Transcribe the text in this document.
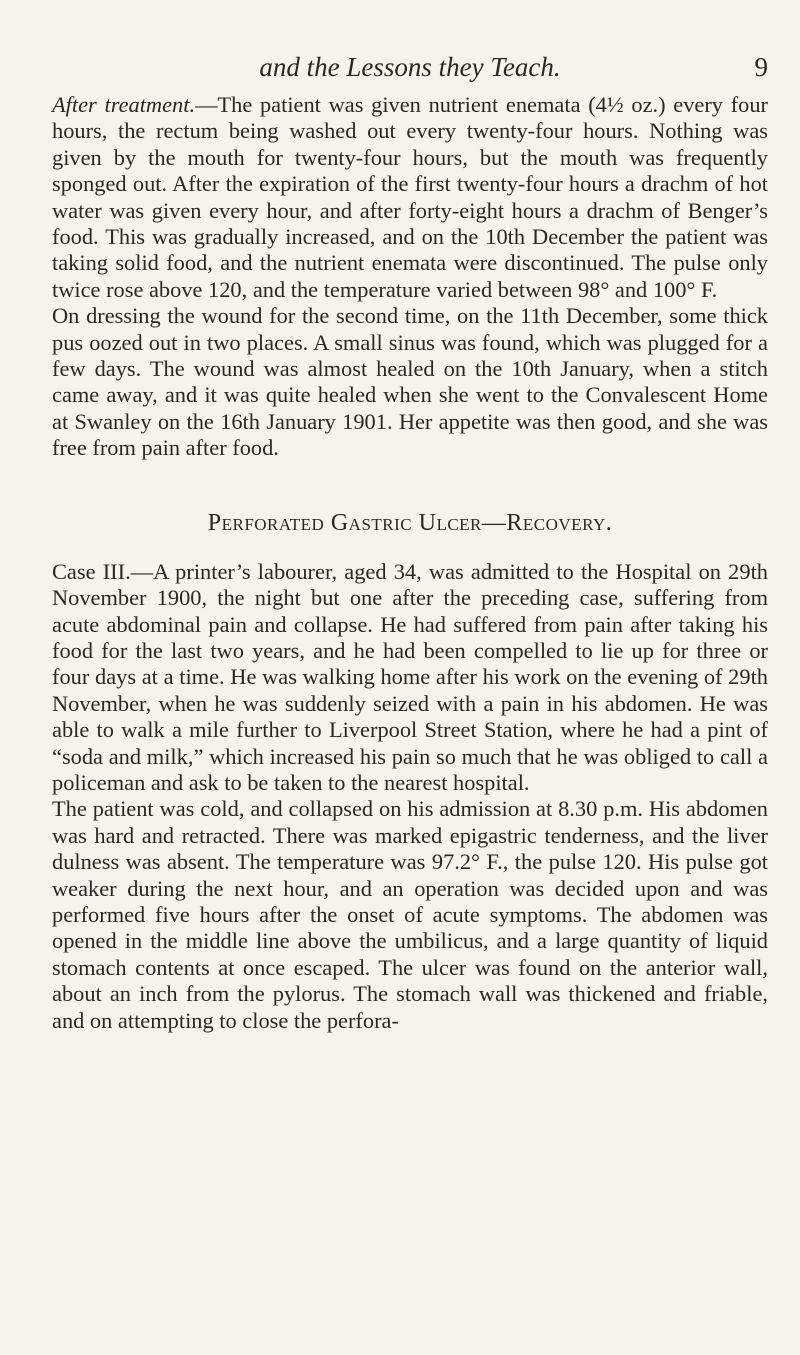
and the Lessons they Teach.	9

After treatment.—The patient was given nutrient enemata (4½ oz.) every four hours, the rectum being washed out every twenty-four hours. Nothing was given by the mouth for twenty-four hours, but the mouth was frequently sponged out. After the expiration of the first twenty-four hours a drachm of hot water was given every hour, and after forty-eight hours a drachm of Benger’s food. This was gradually increased, and on the 10th December the patient was taking solid food, and the nutrient enemata were discontinued. The pulse only twice rose above 120, and the temperature varied between 98° and 100° F.

On dressing the wound for the second time, on the 11th December, some thick pus oozed out in two places. A small sinus was found, which was plugged for a few days. The wound was almost healed on the 10th January, when a stitch came away, and it was quite healed when she went to the Convalescent Home at Swanley on the 16th January 1901. Her appetite was then good, and she was free from pain after food.

Perforated Gastric Ulcer—Recovery.

Case III.—A printer’s labourer, aged 34, was admitted to the Hospital on 29th November 1900, the night but one after the preceding case, suffering from acute abdominal pain and collapse. He had suffered from pain after taking his food for the last two years, and he had been compelled to lie up for three or four days at a time. He was walking home after his work on the evening of 29th November, when he was suddenly seized with a pain in his abdomen. He was able to walk a mile further to Liverpool Street Station, where he had a pint of “soda and milk,” which increased his pain so much that he was obliged to call a policeman and ask to be taken to the nearest hospital.

The patient was cold, and collapsed on his admission at 8.30 p.m. His abdomen was hard and retracted. There was marked epigastric tenderness, and the liver dulness was absent. The temperature was 97.2° F., the pulse 120. His pulse got weaker during the next hour, and an operation was decided upon and was performed five hours after the onset of acute symptoms. The abdomen was opened in the middle line above the umbilicus, and a large quantity of liquid stomach contents at once escaped. The ulcer was found on the anterior wall, about an inch from the pylorus. The stomach wall was thickened and friable, and on attempting to close the perfora-
